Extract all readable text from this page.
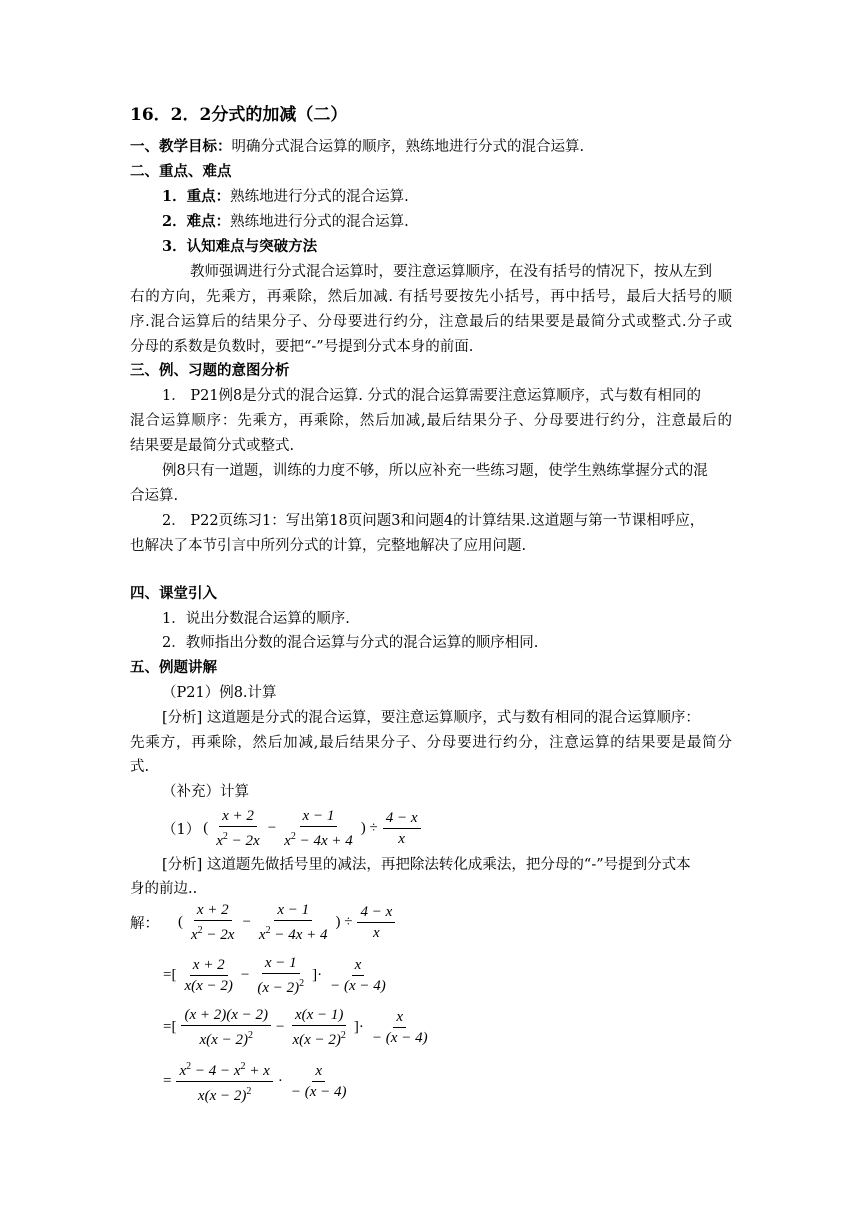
16．2．2分式的加减（二）
一、教学目标：明确分式混合运算的顺序，熟练地进行分式的混合运算.
二、重点、难点
1．重点：熟练地进行分式的混合运算.
2．难点：熟练地进行分式的混合运算.
3．认知难点与突破方法
教师强调进行分式混合运算时，要注意运算顺序，在没有括号的情况下，按从左到
右的方向，先乘方，再乘除，然后加减. 有括号要按先小括号，再中括号，最后大括号的顺
序.混合运算后的结果分子、分母要进行约分，注意最后的结果要是最简分式或整式.分子或
分母的系数是负数时，要把“-”号提到分式本身的前面.
三、例、习题的意图分析
1． P21例8是分式的混合运算. 分式的混合运算需要注意运算顺序，式与数有相同的
混合运算顺序：先乘方，再乘除，然后加减,最后结果分子、分母要进行约分，注意最后的
结果要是最简分式或整式.
例8只有一道题，训练的力度不够，所以应补充一些练习题，使学生熟练掌握分式的混
合运算.
2． P22页练习1：写出第18页问题3和问题4的计算结果.这道题与第一节课相呼应，
也解决了本节引言中所列分式的计算，完整地解决了应用问题.
四、课堂引入
1．说出分数混合运算的顺序.
2．教师指出分数的混合运算与分式的混合运算的顺序相同.
五、例题讲解
（P21）例8.计算
[分析] 这道题是分式的混合运算，要注意运算顺序，式与数有相同的混合运算顺序：
先乘方，再乘除，然后加减,最后结果分子、分母要进行约分，注意运算的结果要是最简分
式.
（补充）计算
（1） ( $\frac{x + 2}{x^2 - 2x} - \frac{x - 1}{x^2 - 4x + 4}$ ) ÷ $\frac{4 - x}{x}$
[分析] 这道题先做括号里的减法，再把除法转化成乘法，把分母的“-”号提到分式本
身的前边..
解： ( $\frac{x + 2}{x^2 - 2x} - \frac{x - 1}{x^2 - 4x + 4}$ ) ÷ $\frac{4 - x}{x}$
=[ $\frac{x + 2}{x(x - 2)} - \frac{x - 1}{(x - 2)^2}$ ]· $\frac{x}{- (x - 4)}$
=[ $\frac{(x + 2)(x - 2)}{x(x - 2)^2} - \frac{x(x - 1)}{x(x - 2)^2}$ ]· $\frac{x}{- (x - 4)}$
= $\frac{x^2 - 4 - x^2 + x}{x(x - 2)^2} \cdot \frac{x}{- (x - 4)}$
